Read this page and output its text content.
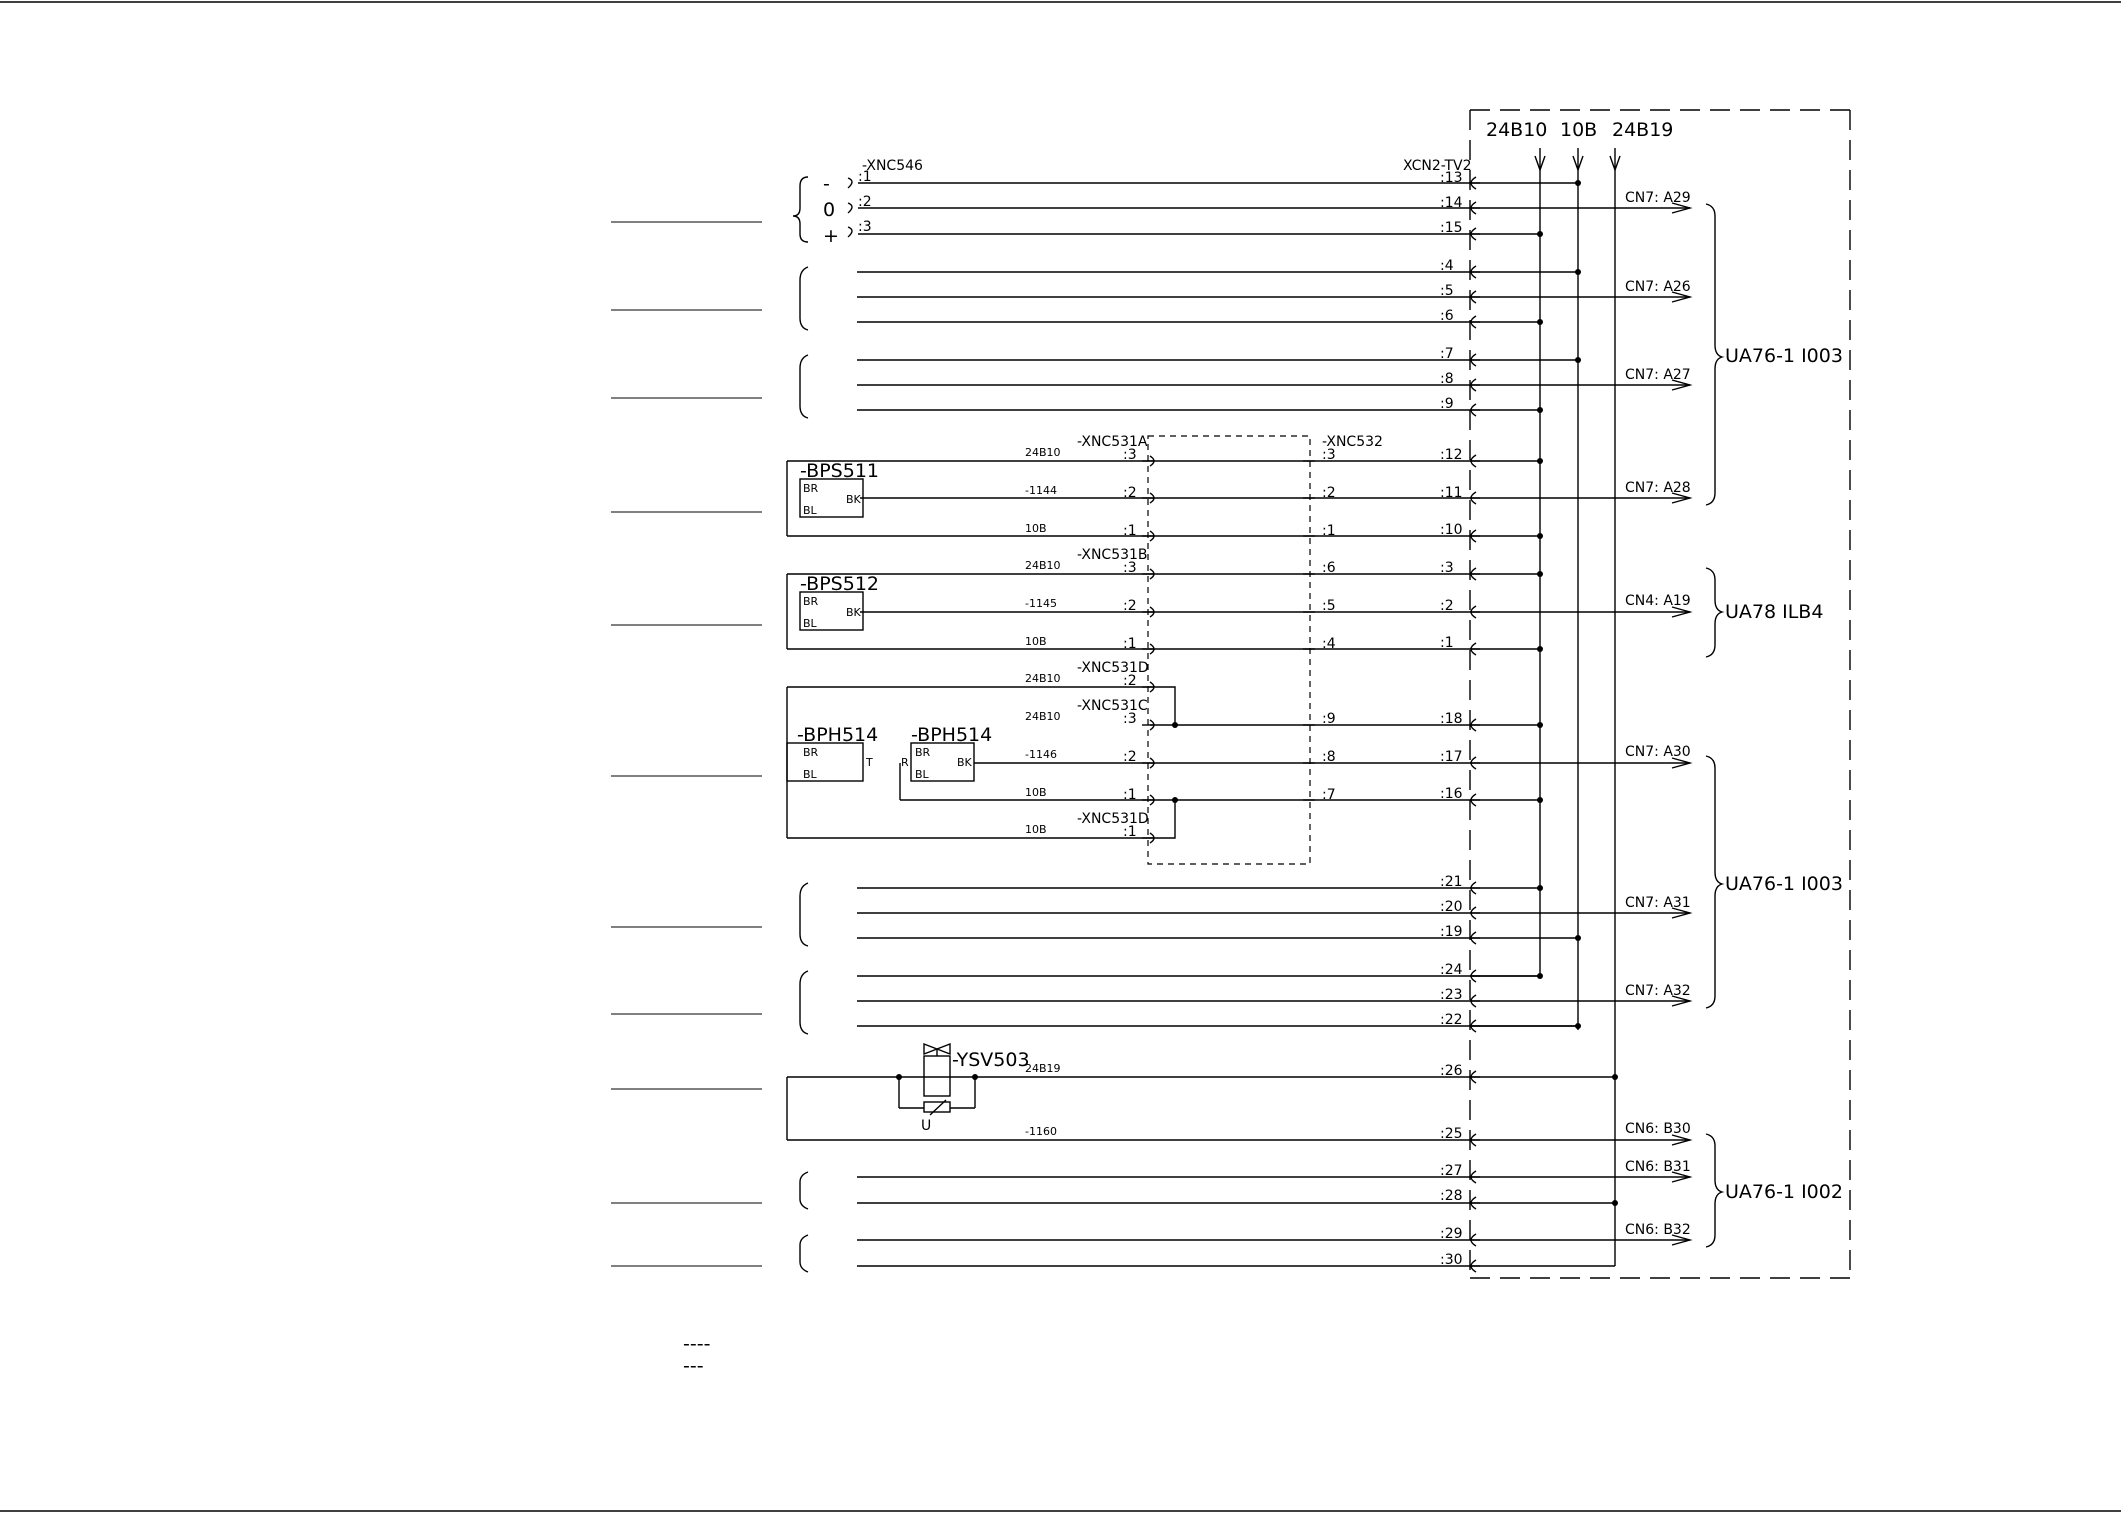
24B10 10B 24B19
XCN2-TV2
-XNC546
-
0
+
:1
:2
:3
-BPS511
BR
BL
BK
-BPS512
BR
BL
BK
-BPH514
BR
BL
T
-BPH514
R
BR
BL
BK
24B10
-1144
10B
24B10
-1145
10B
24B10
24B10
-1146
10B
10B
24B19
-1160
-XNC531A
-XNC531B
-XNC531D
-XNC531C
-XNC531D
-XNC532
:3
:2
:1
:3
:2
:1
:2
:3
:2
:1
:1
:3
:2
:1
:6
:5
:4
:9
:8
:7
:13
:14
:15
:4
:5
:6
:7
:8
:9
:12
:11
:10
:3
:2
:1
:18
:17
:16
:21
:20
:19
:24
:23
:22
:26
:25
:27
:28
:29
:30
CN7: A29
CN7: A26
CN7: A27
CN7: A28
CN4: A19
CN7: A30
CN7: A31
CN7: A32
CN6: B30
CN6: B31
CN6: B32
UA76-1 I003
UA78 ILB4
UA76-1 I003
UA76-1 I002
-YSV503
U
----
---
